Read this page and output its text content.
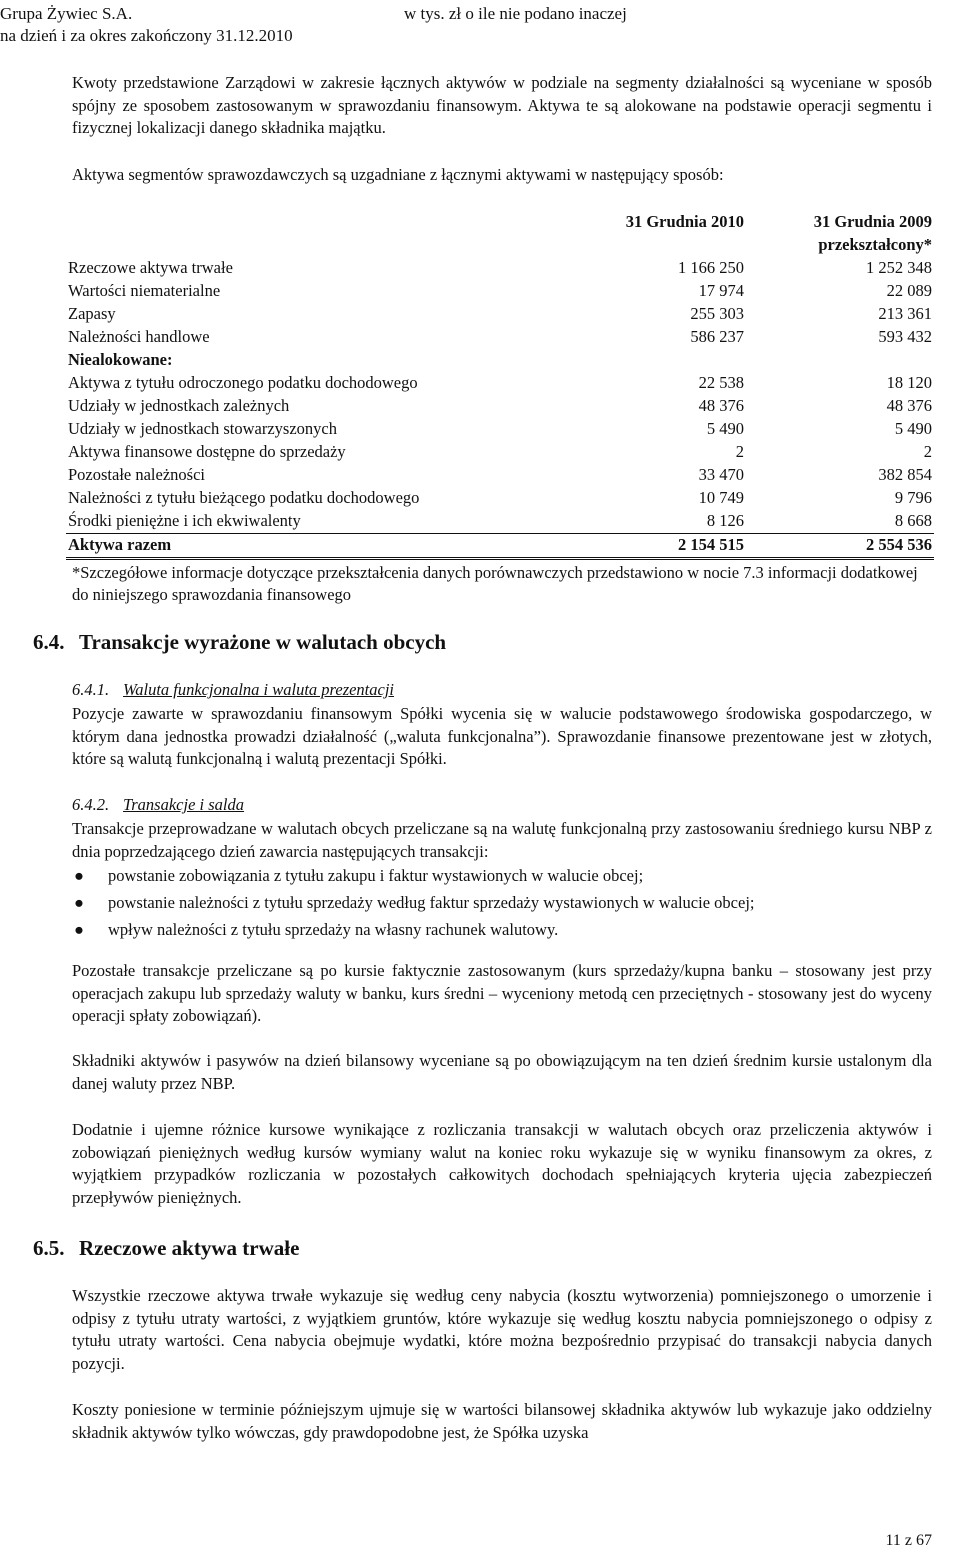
Grupa Żywiec S.A.
na dzień i za okres zakończony 31.12.2010
w tys. zł o ile nie podano inaczej
Kwoty przedstawione Zarządowi w zakresie łącznych aktywów w podziale na segmenty działalności są wyceniane w sposób spójny ze sposobem zastosowanym w sprawozdaniu finansowym. Aktywa te są alokowane na podstawie operacji segmentu i fizycznej lokalizacji danego składnika majątku.
Aktywa segmentów sprawozdawczych są uzgadniane z łącznymi aktywami w następujący sposób:
	31 Grudnia 2010	31 Grudnia 2009
		przekształcony*
Rzeczowe aktywa trwałe	1 166 250	1 252 348
Wartości niematerialne	17 974	22 089
Zapasy	255 303	213 361
Należności handlowe	586 237	593 432
Niealokowane:		
Aktywa z tytułu odroczonego podatku dochodowego	22 538	18 120
Udziały w jednostkach zależnych	48 376	48 376
Udziały w jednostkach stowarzyszonych	5 490	5 490
Aktywa finansowe dostępne do sprzedaży	2	2
Pozostałe należności	33 470	382 854
Należności z tytułu bieżącego podatku dochodowego	10 749	9 796
Środki pieniężne i ich ekwiwalenty	8 126	8 668
Aktywa razem	2 154 515	2 554 536
*Szczegółowe informacje dotyczące przekształcenia danych porównawczych przedstawiono w nocie 7.3 informacji dodatkowej do niniejszego sprawozdania finansowego
6.4. Transakcje wyrażone w walutach obcych
6.4.1. Waluta funkcjonalna i waluta prezentacji
Pozycje zawarte w sprawozdaniu finansowym Spółki wycenia się w walucie podstawowego środowiska gospodarczego, w którym dana jednostka prowadzi działalność („waluta funkcjonalna”). Sprawozdanie finansowe prezentowane jest w złotych, które są walutą funkcjonalną i walutą prezentacji Spółki.
6.4.2. Transakcje i salda
Transakcje przeprowadzane w walutach obcych przeliczane są na walutę funkcjonalną przy zastosowaniu średniego kursu NBP z dnia poprzedzającego dzień zawarcia następujących transakcji:
● powstanie zobowiązania z tytułu zakupu i faktur wystawionych w walucie obcej;
● powstanie należności z tytułu sprzedaży według faktur sprzedaży wystawionych w walucie obcej;
● wpływ należności z tytułu sprzedaży na własny rachunek walutowy.
Pozostałe transakcje przeliczane są po kursie faktycznie zastosowanym (kurs sprzedaży/kupna banku – stosowany jest przy operacjach zakupu lub sprzedaży waluty w banku, kurs średni – wyceniony metodą cen przeciętnych - stosowany jest do wyceny operacji spłaty zobowiązań).
Składniki aktywów i pasywów na dzień bilansowy wyceniane są po obowiązującym na ten dzień średnim kursie ustalonym dla danej waluty przez NBP.
Dodatnie i ujemne różnice kursowe wynikające z rozliczania transakcji w walutach obcych oraz przeliczenia aktywów i zobowiązań pieniężnych według kursów wymiany walut na koniec roku wykazuje się w wyniku finansowym za okres, z wyjątkiem przypadków rozliczania w pozostałych całkowitych dochodach spełniających kryteria ujęcia zabezpieczeń przepływów pieniężnych.
6.5. Rzeczowe aktywa trwałe
Wszystkie rzeczowe aktywa trwałe wykazuje się według ceny nabycia (kosztu wytworzenia) pomniejszonego o umorzenie i odpisy z tytułu utraty wartości, z wyjątkiem gruntów, które wykazuje się według kosztu nabycia pomniejszonego o odpisy z tytułu utraty wartości. Cena nabycia obejmuje wydatki, które można bezpośrednio przypisać do transakcji nabycia danych pozycji.
Koszty poniesione w terminie późniejszym ujmuje się w wartości bilansowej składnika aktywów lub wykazuje jako oddzielny składnik aktywów tylko wówczas, gdy prawdopodobne jest, że Spółka uzyska
11 z 67
